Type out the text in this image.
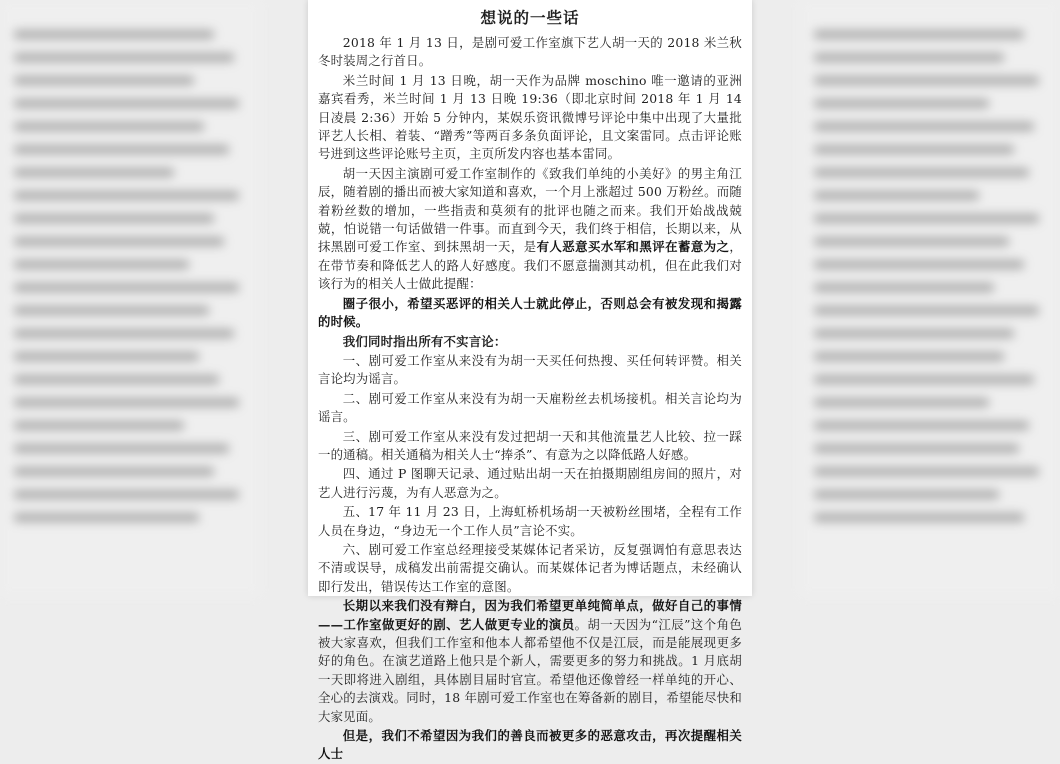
想说的一些话

2018 年 1 月 13 日，是剧可爱工作室旗下艺人胡一天的 2018 米兰秋冬时装周之行首日。

米兰时间 1 月 13 日晚，胡一天作为品牌 moschino 唯一邀请的亚洲嘉宾看秀，米兰时间 1 月 13 日晚 19:36（即北京时间 2018 年 1 月 14 日凌晨 2:36）开始 5 分钟内，某娱乐资讯微博号评论中集中出现了大量批评艺人长相、着装、“蹭秀”等两百多条负面评论，且文案雷同。点击评论账号进到这些评论账号主页，主页所发内容也基本雷同。

胡一天因主演剧可爱工作室制作的《致我们单纯的小美好》的男主角江辰，随着剧的播出而被大家知道和喜欢，一个月上涨超过 500 万粉丝。而随着粉丝数的增加，一些指责和莫须有的批评也随之而来。我们开始战战兢兢，怕说错一句话做错一件事。而直到今天，我们终于相信，长期以来，从抹黑剧可爱工作室、到抹黑胡一天，是有人恶意买水军和黑评在蓄意为之，在带节奏和降低艺人的路人好感度。我们不愿意揣测其动机，但在此我们对该行为的相关人士做此提醒：

圈子很小，希望买恶评的相关人士就此停止，否则总会有被发现和揭露的时候。

我们同时指出所有不实言论：

一、剧可爱工作室从来没有为胡一天买任何热搜、买任何转评赞。相关言论均为谣言。

二、剧可爱工作室从来没有为胡一天雇粉丝去机场接机。相关言论均为谣言。

三、剧可爱工作室从来没有发过把胡一天和其他流量艺人比较、拉一踩一的通稿。相关通稿为相关人士“捧杀”、有意为之以降低路人好感。

四、通过 P 图聊天记录、通过贴出胡一天在拍摄期剧组房间的照片，对艺人进行污蔑，为有人恶意为之。

五、17 年 11 月 23 日，上海虹桥机场胡一天被粉丝围堵，全程有工作人员在身边，“身边无一个工作人员”言论不实。

六、剧可爱工作室总经理接受某媒体记者采访，反复强调怕有意思表达不清或误导，成稿发出前需提交确认。而某媒体记者为博话题点，未经确认即行发出，错误传达工作室的意图。

长期以来我们没有辩白，因为我们希望更单纯简单点，做好自己的事情——工作室做更好的剧、艺人做更专业的演员。胡一天因为“江辰”这个角色被大家喜欢，但我们工作室和他本人都希望他不仅是江辰，而是能展现更多好的角色。在演艺道路上他只是个新人，需要更多的努力和挑战。1 月底胡一天即将进入剧组，具体剧目届时官宣。希望他还像曾经一样单纯的开心、全心的去演戏。同时，18 年剧可爱工作室也在筹备新的剧目，希望能尽快和大家见面。

但是，我们不希望因为我们的善良而被更多的恶意攻击，再次提醒相关人士
